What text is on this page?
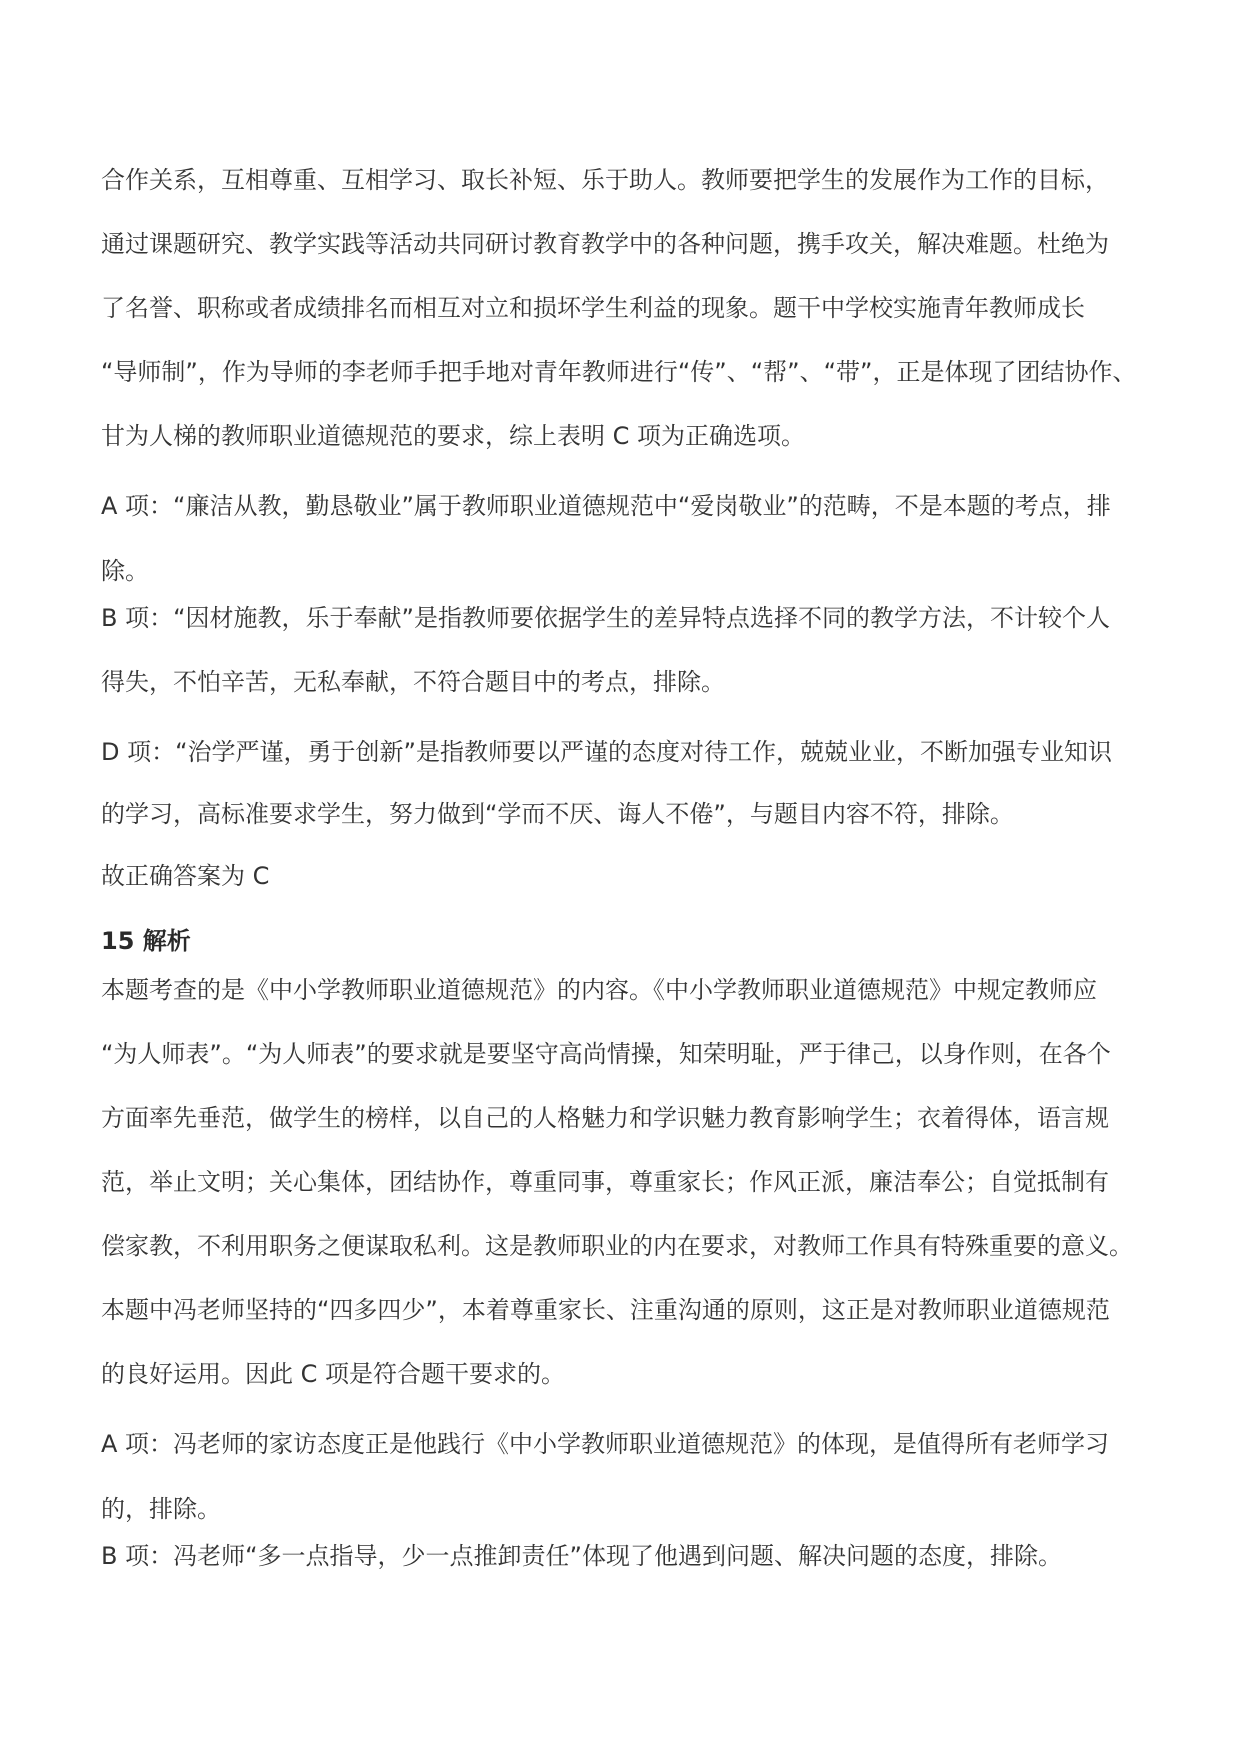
合作关系，互相尊重、互相学习、取长补短、乐于助人。教师要把学生的发展作为工作的目标，
通过课题研究、教学实践等活动共同研讨教育教学中的各种问题，携手攻关，解决难题。杜绝为
了名誉、职称或者成绩排名而相互对立和损坏学生利益的现象。题干中学校实施青年教师成长
“导师制”，作为导师的李老师手把手地对青年教师进行“传”、“帮”、“带”，正是体现了团结协作、
甘为人梯的教师职业道德规范的要求，综上表明 C 项为正确选项。
A 项：“廉洁从教，勤恳敬业”属于教师职业道德规范中“爱岗敬业”的范畴，不是本题的考点，排
除。
B 项：“因材施教，乐于奉献”是指教师要依据学生的差异特点选择不同的教学方法，不计较个人
得失，不怕辛苦，无私奉献，不符合题目中的考点，排除。
D 项：“治学严谨，勇于创新”是指教师要以严谨的态度对待工作，兢兢业业，不断加强专业知识
的学习，高标准要求学生，努力做到“学而不厌、诲人不倦”，与题目内容不符，排除。
故正确答案为 C
15 解析
本题考查的是《中小学教师职业道德规范》的内容。《中小学教师职业道德规范》中规定教师应
“为人师表”。“为人师表”的要求就是要坚守高尚情操，知荣明耻，严于律己，以身作则，在各个
方面率先垂范，做学生的榜样，以自己的人格魅力和学识魅力教育影响学生；衣着得体，语言规
范，举止文明；关心集体，团结协作，尊重同事，尊重家长；作风正派，廉洁奉公；自觉抵制有
偿家教，不利用职务之便谋取私利。这是教师职业的内在要求，对教师工作具有特殊重要的意义。
本题中冯老师坚持的“四多四少”，本着尊重家长、注重沟通的原则，这正是对教师职业道德规范
的良好运用。因此 C 项是符合题干要求的。
A 项：冯老师的家访态度正是他践行《中小学教师职业道德规范》的体现，是值得所有老师学习
的，排除。
B 项：冯老师“多一点指导，少一点推卸责任”体现了他遇到问题、解决问题的态度，排除。
